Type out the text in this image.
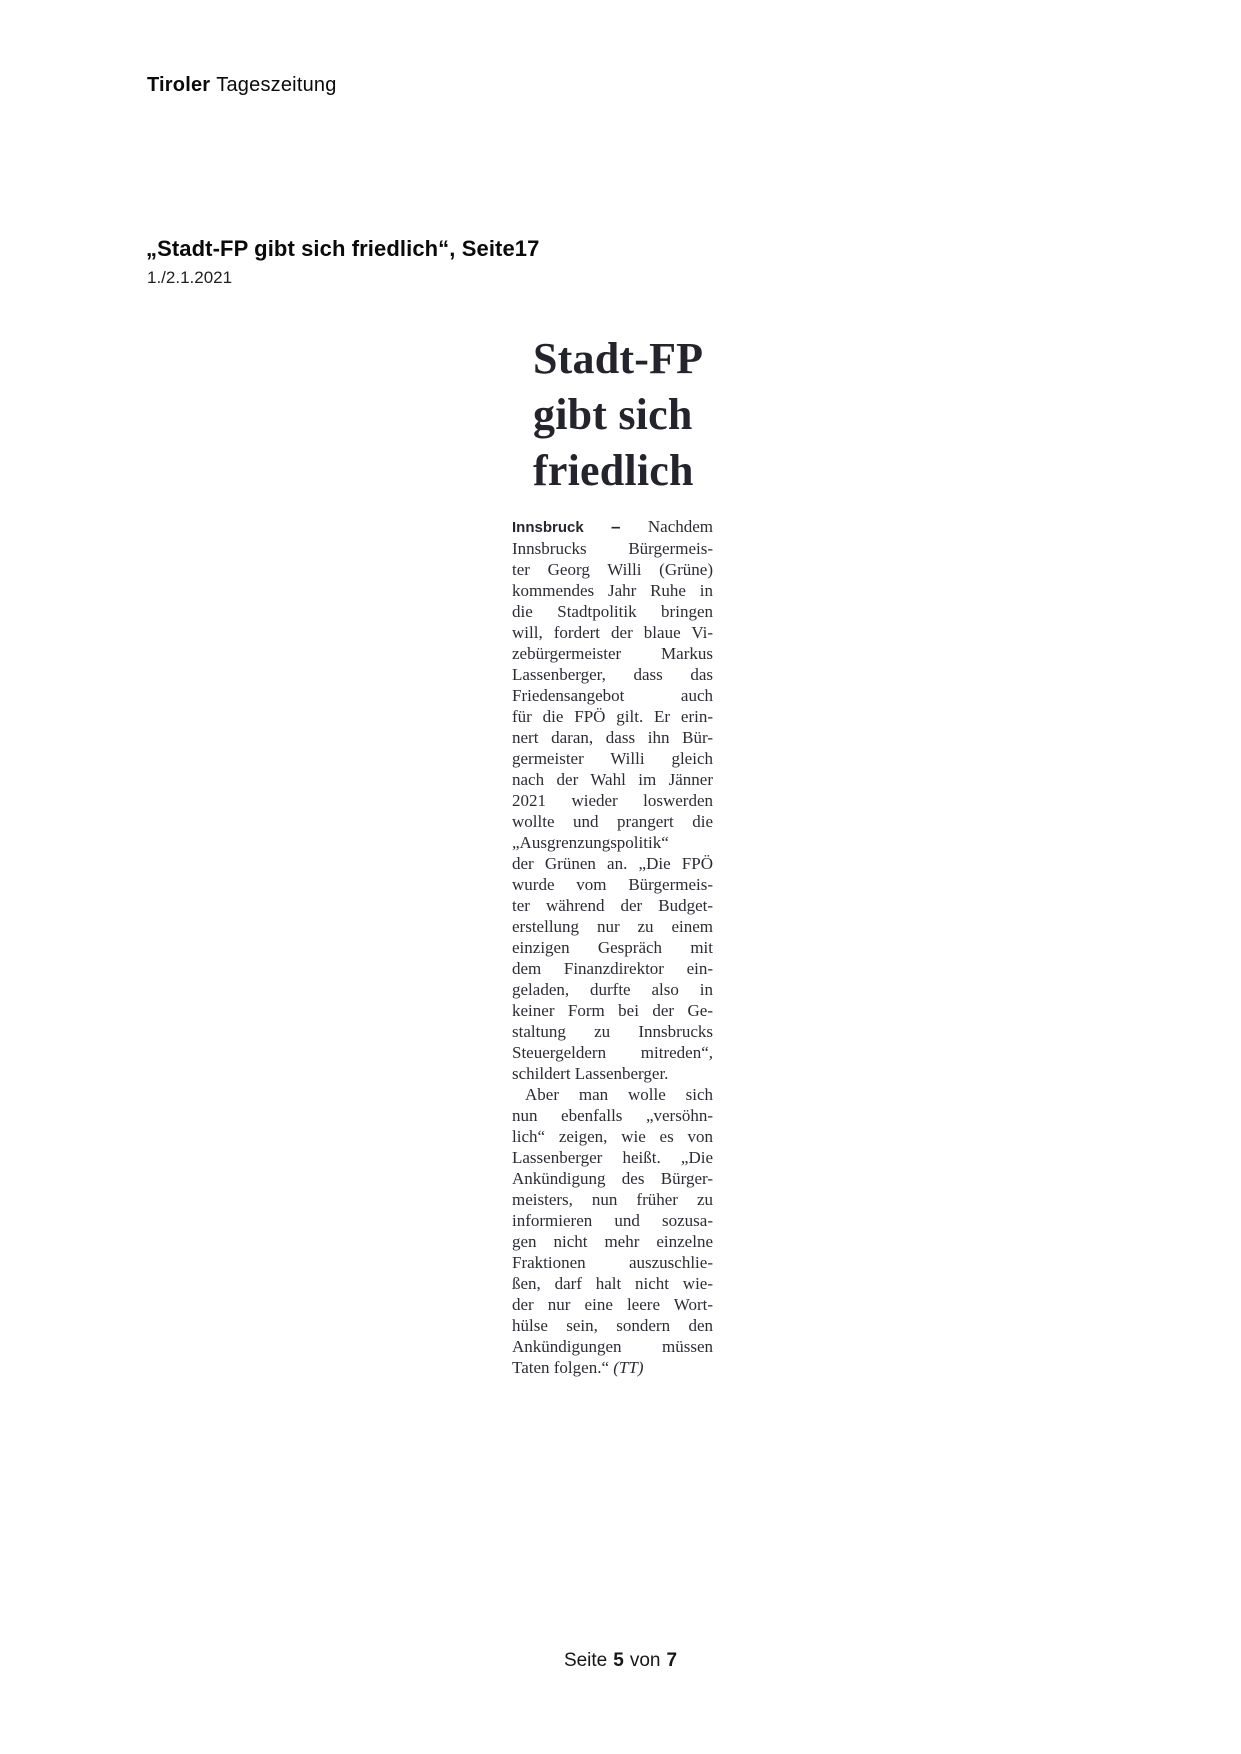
Tiroler Tageszeitung
„Stadt-FP gibt sich friedlich“, Seite17
1./2.1.2021
Stadt-FP
gibt sich
friedlich
Innsbruck – Nachdem
Innsbrucks Bürgermeis-
ter Georg Willi (Grüne)
kommendes Jahr Ruhe in
die Stadtpolitik bringen
will, fordert der blaue Vi-
zebürgermeister Markus
Lassenberger, dass das
Friedensangebot auch
für die FPÖ gilt. Er erin-
nert daran, dass ihn Bür-
germeister Willi gleich
nach der Wahl im Jänner
2021 wieder loswerden
wollte und prangert die
„Ausgrenzungspolitik“
der Grünen an. „Die FPÖ
wurde vom Bürgermeis-
ter während der Budget-
erstellung nur zu einem
einzigen Gespräch mit
dem Finanzdirektor ein-
geladen, durfte also in
keiner Form bei der Ge-
staltung zu Innsbrucks
Steuergeldern mitreden“,
schildert Lassenberger.
Aber man wolle sich
nun ebenfalls „versöhn-
lich“ zeigen, wie es von
Lassenberger heißt. „Die
Ankündigung des Bürger-
meisters, nun früher zu
informieren und sozusa-
gen nicht mehr einzelne
Fraktionen auszuschlie-
ßen, darf halt nicht wie-
der nur eine leere Wort-
hülse sein, sondern den
Ankündigungen müssen
Taten folgen.“ (TT)
Seite 5 von 7
